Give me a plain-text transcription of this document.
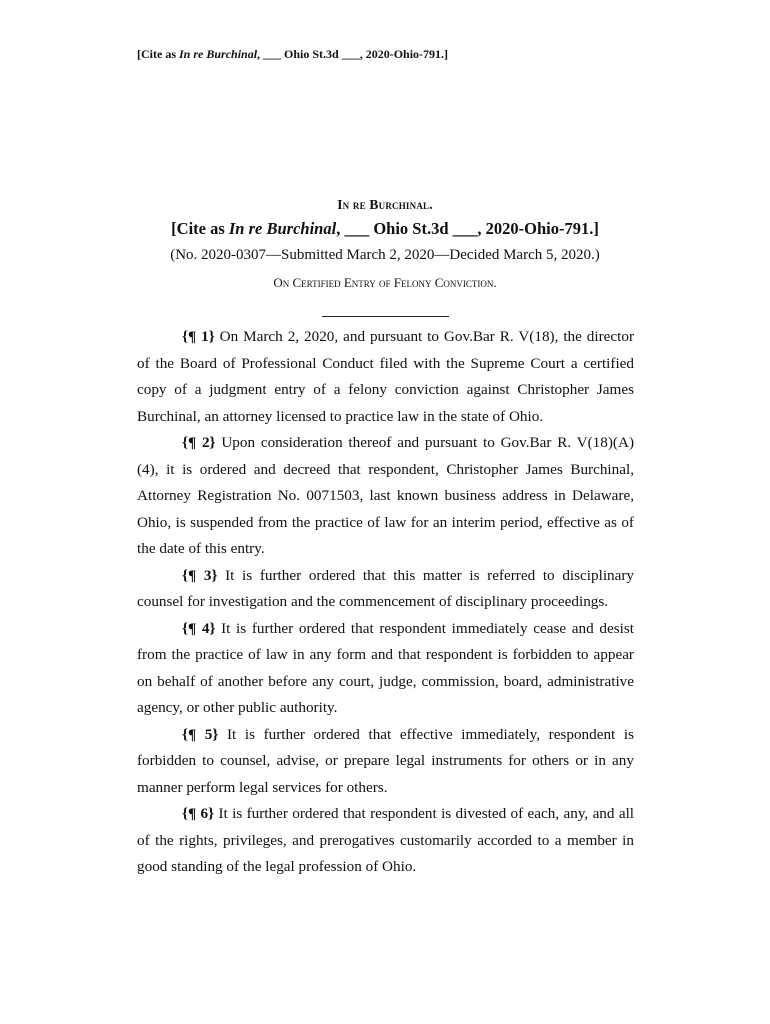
[Cite as In re Burchinal, ___ Ohio St.3d ___, 2020-Ohio-791.]
In re Burchinal.
[Cite as In re Burchinal, ___ Ohio St.3d ___, 2020-Ohio-791.]
(No. 2020-0307—Submitted March 2, 2020—Decided March 5, 2020.)
On Certified Entry of Felony Conviction.

{¶ 1} On March 2, 2020, and pursuant to Gov.Bar R. V(18), the director of the Board of Professional Conduct filed with the Supreme Court a certified copy of a judgment entry of a felony conviction against Christopher James Burchinal, an attorney licensed to practice law in the state of Ohio.

{¶ 2} Upon consideration thereof and pursuant to Gov.Bar R. V(18)(A)(4), it is ordered and decreed that respondent, Christopher James Burchinal, Attorney Registration No. 0071503, last known business address in Delaware, Ohio, is suspended from the practice of law for an interim period, effective as of the date of this entry.

{¶ 3} It is further ordered that this matter is referred to disciplinary counsel for investigation and the commencement of disciplinary proceedings.

{¶ 4} It is further ordered that respondent immediately cease and desist from the practice of law in any form and that respondent is forbidden to appear on behalf of another before any court, judge, commission, board, administrative agency, or other public authority.

{¶ 5} It is further ordered that effective immediately, respondent is forbidden to counsel, advise, or prepare legal instruments for others or in any manner perform legal services for others.

{¶ 6} It is further ordered that respondent is divested of each, any, and all of the rights, privileges, and prerogatives customarily accorded to a member in good standing of the legal profession of Ohio.
